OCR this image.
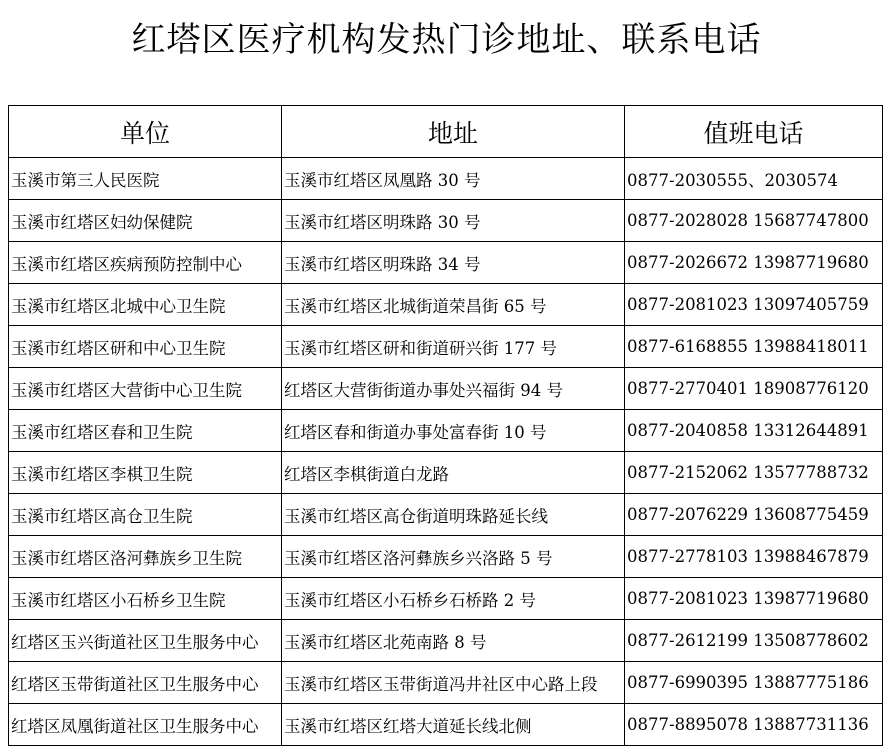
红塔区医疗机构发热门诊地址、联系电话
单位	地址	值班电话
玉溪市第三人民医院	玉溪市红塔区凤凰路 30 号	0877-2030555、2030574
玉溪市红塔区妇幼保健院	玉溪市红塔区明珠路 30 号	0877-2028028 15687747800
玉溪市红塔区疾病预防控制中心	玉溪市红塔区明珠路 34 号	0877-2026672 13987719680
玉溪市红塔区北城中心卫生院	玉溪市红塔区北城街道荣昌街 65 号	0877-2081023 13097405759
玉溪市红塔区研和中心卫生院	玉溪市红塔区研和街道研兴街 177 号	0877-6168855 13988418011
玉溪市红塔区大营街中心卫生院	红塔区大营街街道办事处兴福街 94 号	0877-2770401 18908776120
玉溪市红塔区春和卫生院	红塔区春和街道办事处富春街 10 号	0877-2040858 13312644891
玉溪市红塔区李棋卫生院	红塔区李棋街道白龙路	0877-2152062 13577788732
玉溪市红塔区高仓卫生院	玉溪市红塔区高仓街道明珠路延长线	0877-2076229 13608775459
玉溪市红塔区洛河彝族乡卫生院	玉溪市红塔区洛河彝族乡兴洛路 5 号	0877-2778103 13988467879
玉溪市红塔区小石桥乡卫生院	玉溪市红塔区小石桥乡石桥路 2 号	0877-2081023 13987719680
红塔区玉兴街道社区卫生服务中心	玉溪市红塔区北苑南路 8 号	0877-2612199 13508778602
红塔区玉带街道社区卫生服务中心	玉溪市红塔区玉带街道冯井社区中心路上段	0877-6990395 13887775186
红塔区凤凰街道社区卫生服务中心	玉溪市红塔区红塔大道延长线北侧	0877-8895078 13887731136
